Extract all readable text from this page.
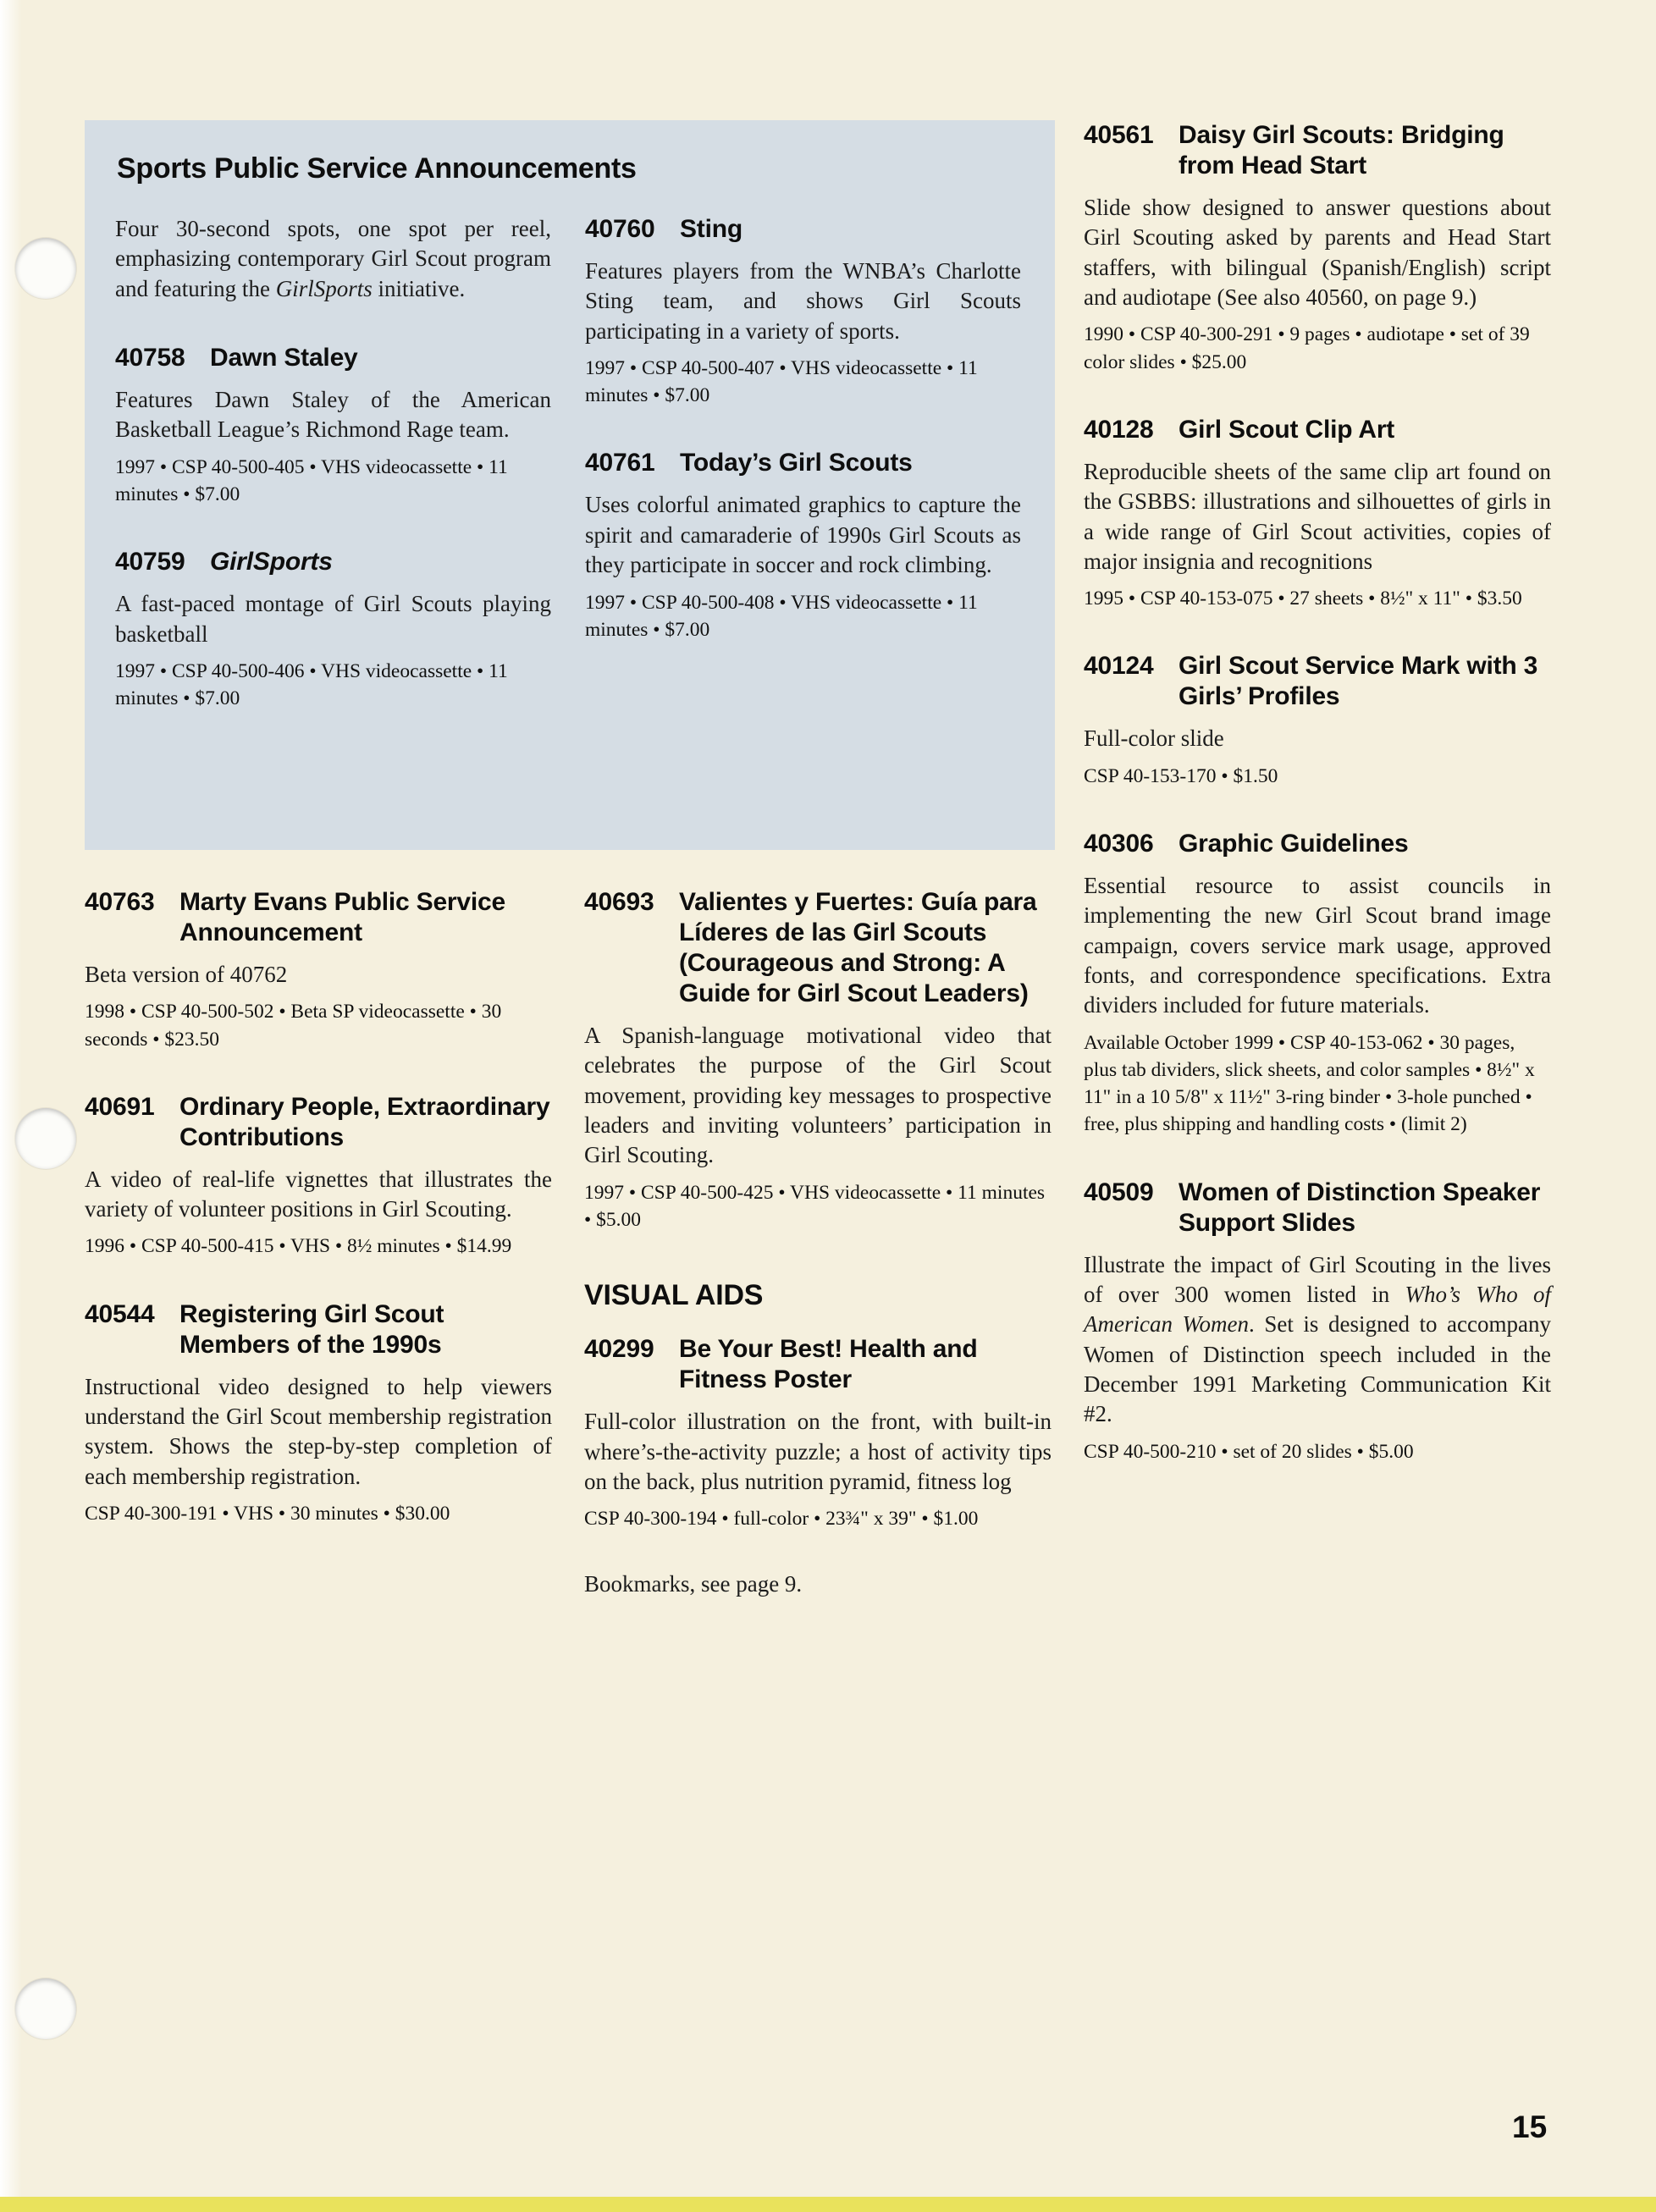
Sports Public Service Announcements

Four 30-second spots, one spot per reel, emphasizing contemporary Girl Scout program and featuring the GirlSports initiative.

40758 Dawn Staley

Features Dawn Staley of the American Basketball League’s Richmond Rage team.

1997 • CSP 40-500-405 • VHS videocassette • 11 minutes • $7.00

40759 GirlSports

A fast-paced montage of Girl Scouts playing basketball

1997 • CSP 40-500-406 • VHS videocassette • 11 minutes • $7.00

40760 Sting

Features players from the WNBA’s Charlotte Sting team, and shows Girl Scouts participating in a variety of sports.

1997 • CSP 40-500-407 • VHS videocassette • 11 minutes • $7.00

40761 Today’s Girl Scouts

Uses colorful animated graphics to capture the spirit and camaraderie of 1990s Girl Scouts as they participate in soccer and rock climbing.

1997 • CSP 40-500-408 • VHS videocassette • 11 minutes • $7.00

40763 Marty Evans Public Service Announcement

Beta version of 40762

1998 • CSP 40-500-502 • Beta SP videocassette • 30 seconds • $23.50

40691 Ordinary People, Extraordinary Contributions

A video of real-life vignettes that illustrates the variety of volunteer positions in Girl Scouting.

1996 • CSP 40-500-415 • VHS • 8½ minutes • $14.99

40544 Registering Girl Scout Members of the 1990s

Instructional video designed to help viewers understand the Girl Scout membership registration system. Shows the step-by-step completion of each membership registration.

CSP 40-300-191 • VHS • 30 minutes • $30.00

40693 Valientes y Fuertes: Guía para Líderes de las Girl Scouts (Courageous and Strong: A Guide for Girl Scout Leaders)

A Spanish-language motivational video that celebrates the purpose of the Girl Scout movement, providing key messages to prospective leaders and inviting volunteers’ participation in Girl Scouting.

1997 • CSP 40-500-425 • VHS videocassette • 11 minutes • $5.00

VISUAL AIDS
40299 Be Your Best! Health and Fitness Poster

Full-color illustration on the front, with built-in where’s-the-activity puzzle; a host of activity tips on the back, plus nutrition pyramid, fitness log

CSP 40-300-194 • full-color • 23¾" x 39" • $1.00

Bookmarks, see page 9.

40561 Daisy Girl Scouts: Bridging from Head Start

Slide show designed to answer questions about Girl Scouting asked by parents and Head Start staffers, with bilingual (Spanish/English) script and audiotape (See also 40560, on page 9.)

1990 • CSP 40-300-291 • 9 pages • audiotape • set of 39 color slides • $25.00

40128 Girl Scout Clip Art

Reproducible sheets of the same clip art found on the GSBBS: illustrations and silhouettes of girls in a wide range of Girl Scout activities, copies of major insignia and recognitions

1995 • CSP 40-153-075 • 27 sheets • 8½" x 11" • $3.50

40124 Girl Scout Service Mark with 3 Girls’ Profiles

Full-color slide

CSP 40-153-170 • $1.50

40306 Graphic Guidelines

Essential resource to assist councils in implementing the new Girl Scout brand image campaign, covers service mark usage, approved fonts, and correspondence specifications. Extra dividers included for future materials.

Available October 1999 • CSP 40-153-062 • 30 pages, plus tab dividers, slick sheets, and color samples • 8½" x 11" in a 10 5/8" x 11½" 3-ring binder • 3-hole punched • free, plus shipping and handling costs • (limit 2)

40509 Women of Distinction Speaker Support Slides

Illustrate the impact of Girl Scouting in the lives of over 300 women listed in Who’s Who of American Women. Set is designed to accompany Women of Distinction speech included in the December 1991 Marketing Communication Kit #2.

CSP 40-500-210 • set of 20 slides • $5.00

15
